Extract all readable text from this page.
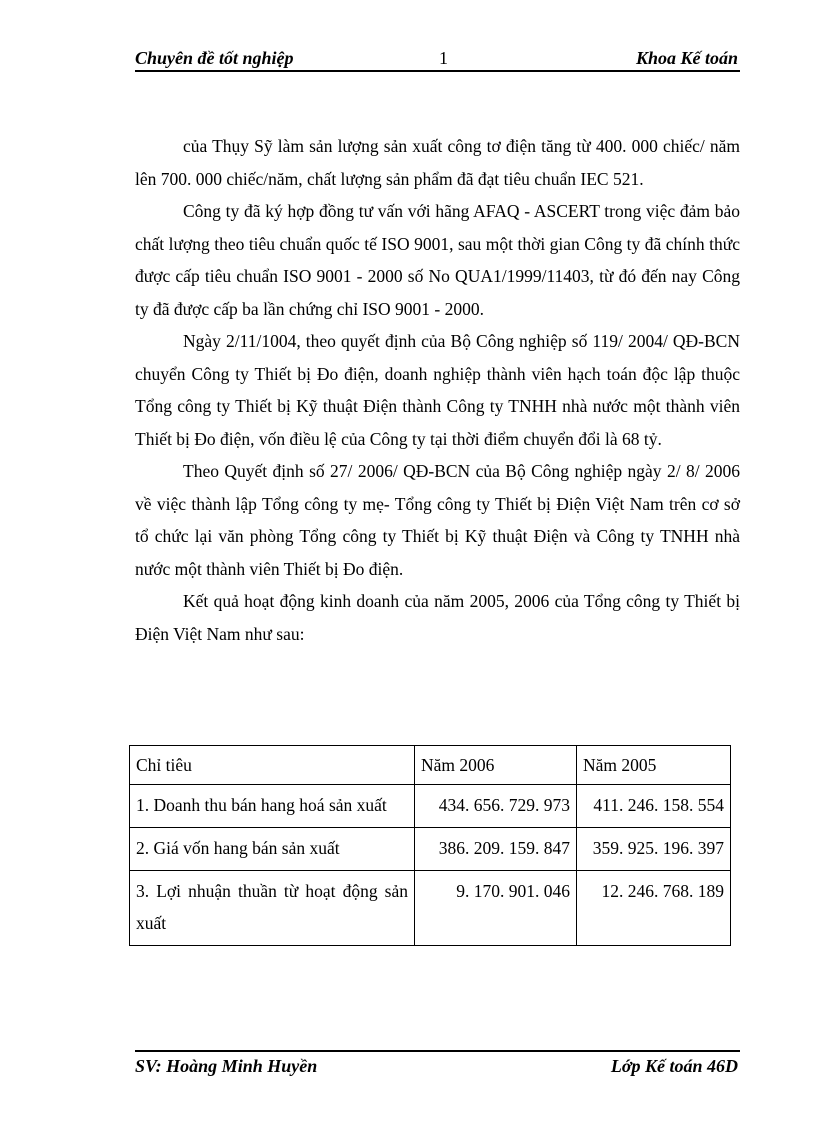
Chuyên đề tốt nghiệp	1	Khoa Kế toán

của Thụy Sỹ làm sản lượng sản xuất công tơ điện tăng từ 400. 000 chiếc/ năm lên 700. 000 chiếc/năm, chất lượng sản phẩm đã đạt tiêu chuẩn IEC 521.

Công ty đã ký hợp đồng tư vấn với hãng AFAQ - ASCERT trong việc đảm bảo chất lượng theo tiêu chuẩn quốc tế ISO 9001, sau một thời gian Công ty đã chính thức được cấp tiêu chuẩn ISO 9001 - 2000 số No QUA1/1999/11403, từ đó đến nay Công ty đã được cấp ba lần chứng chỉ ISO 9001 - 2000.

Ngày 2/11/1004, theo quyết định của Bộ Công nghiệp số 119/ 2004/ QĐ-BCN chuyển Công ty Thiết bị Đo điện, doanh nghiệp thành viên hạch toán độc lập thuộc Tổng công ty Thiết bị Kỹ thuật Điện thành Công ty TNHH nhà nước một thành viên Thiết bị Đo điện, vốn điều lệ của Công ty tại thời điểm chuyển đổi là 68 tỷ.

Theo Quyết định số 27/ 2006/ QĐ-BCN của Bộ Công nghiệp ngày 2/ 8/ 2006 về việc thành lập Tổng công ty mẹ- Tổng công ty Thiết bị Điện Việt Nam trên cơ sở tổ chức lại văn phòng Tổng công ty Thiết bị Kỹ thuật Điện và Công ty TNHH nhà nước một thành viên Thiết bị Đo điện.

Kết quả hoạt động kinh doanh của năm 2005, 2006 của Tổng công ty Thiết bị Điện Việt Nam như sau:

Chỉ tiêu	Năm 2006	Năm 2005
1. Doanh thu bán hang hoá sản xuất	434. 656. 729. 973	411. 246. 158. 554
2. Giá vốn hang bán sản xuất	386. 209. 159. 847	359. 925. 196. 397
3. Lợi nhuận thuần từ hoạt động sản xuất	9. 170. 901. 046	12. 246. 768. 189
SV: Hoàng Minh Huyền	Lớp Kế toán 46D
